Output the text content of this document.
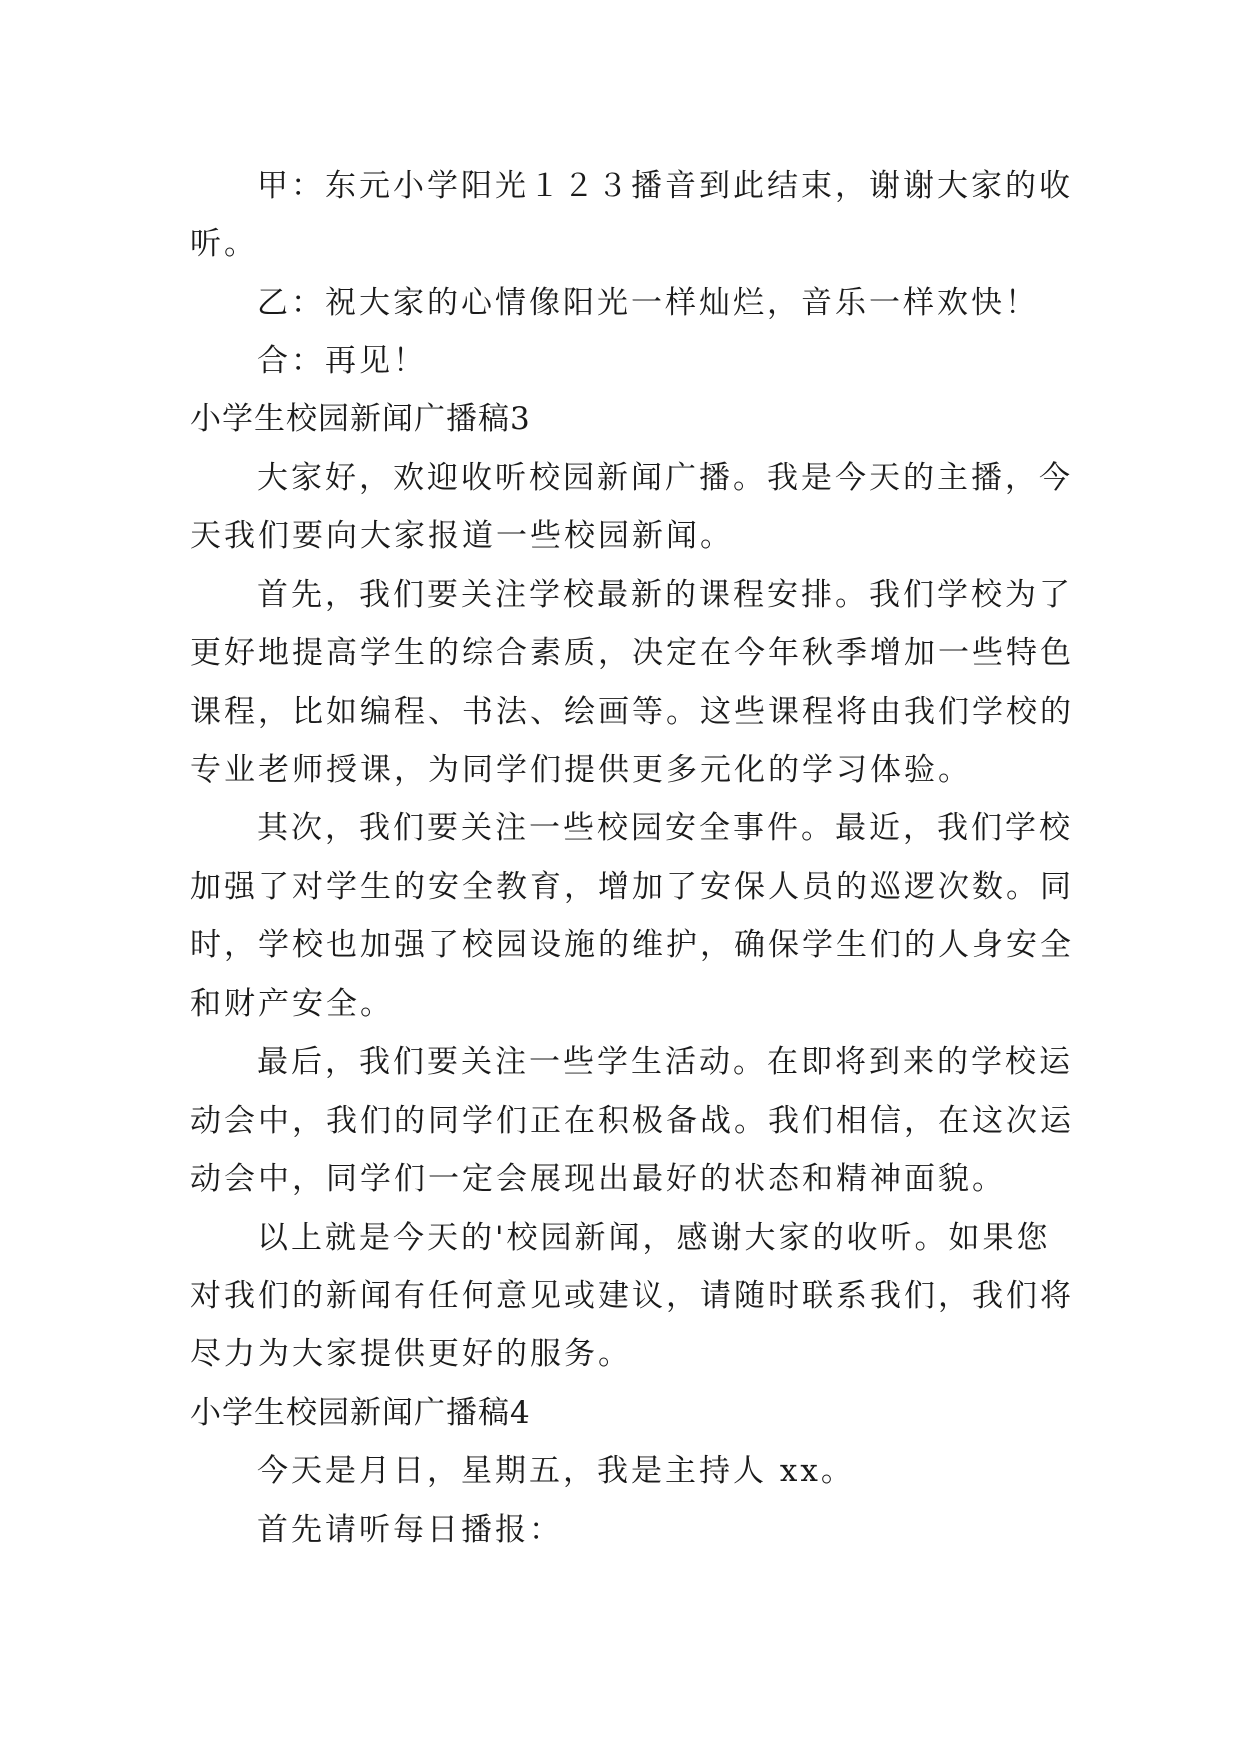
甲：东元小学阳光１２３播音到此结束，谢谢大家的收
听。
乙：祝大家的心情像阳光一样灿烂，音乐一样欢快！
合：再见！
小学生校园新闻广播稿3
大家好，欢迎收听校园新闻广播。我是今天的主播，今
天我们要向大家报道一些校园新闻。
首先，我们要关注学校最新的课程安排。我们学校为了
更好地提高学生的综合素质，决定在今年秋季增加一些特色
课程，比如编程、书法、绘画等。这些课程将由我们学校的
专业老师授课，为同学们提供更多元化的学习体验。
其次，我们要关注一些校园安全事件。最近，我们学校
加强了对学生的安全教育，增加了安保人员的巡逻次数。同
时，学校也加强了校园设施的维护，确保学生们的人身安全
和财产安全。
最后，我们要关注一些学生活动。在即将到来的学校运
动会中，我们的同学们正在积极备战。我们相信，在这次运
动会中，同学们一定会展现出最好的状态和精神面貌。
以上就是今天的'校园新闻，感谢大家的收听。如果您
对我们的新闻有任何意见或建议，请随时联系我们，我们将
尽力为大家提供更好的服务。
小学生校园新闻广播稿4
今天是月日，星期五，我是主持人 xx。
首先请听每日播报：
